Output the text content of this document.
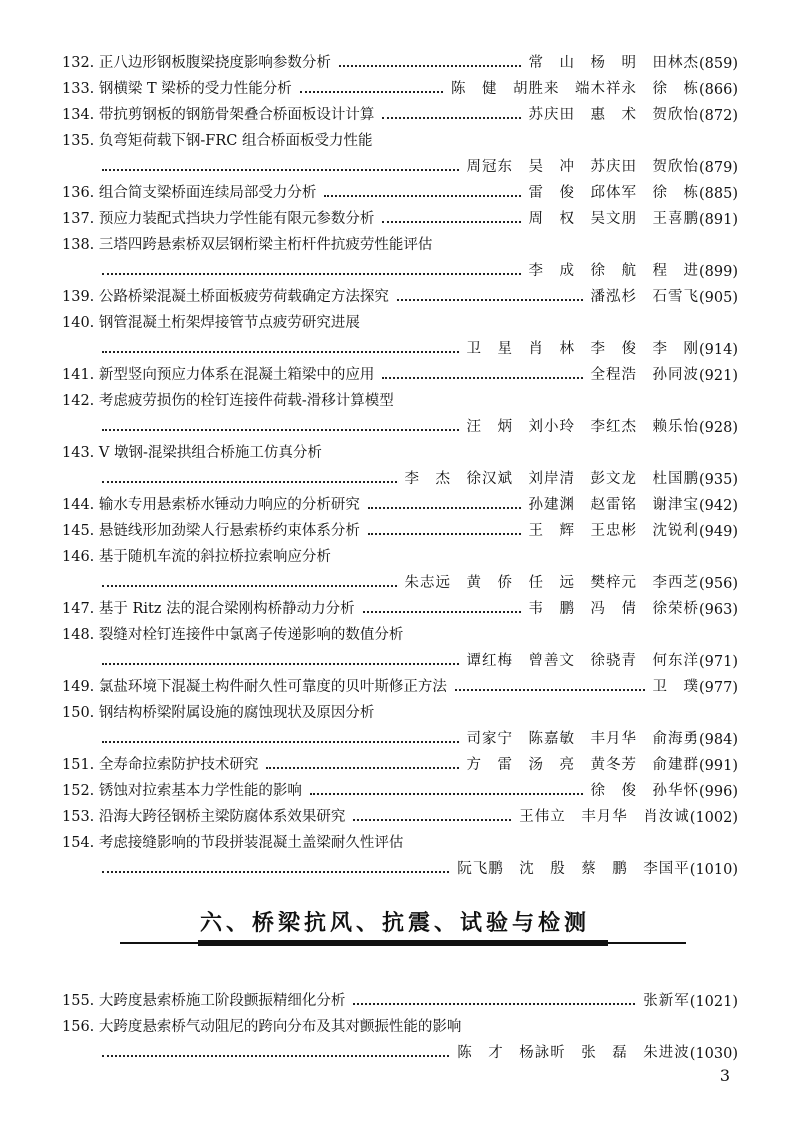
132. 正八边形钢板腹梁挠度影响参数分析	常　山　杨　明　田林杰 (859)
133. 钢横梁 T 梁桥的受力性能分析	陈　健　胡胜来　端木祥永　徐　栋 (866)
134. 带抗剪钢板的钢筋骨架叠合桥面板设计计算	苏庆田　惠　术　贺欣怡 (872)
135. 负弯矩荷载下钢-FRC 组合桥面板受力性能
周冠东　吴　冲　苏庆田　贺欣怡 (879)
136. 组合简支梁桥面连续局部受力分析	雷　俊　邱体军　徐　栋 (885)
137. 预应力装配式挡块力学性能有限元参数分析	周　权　吴文朋　王喜鹏 (891)
138. 三塔四跨悬索桥双层钢桁梁主桁杆件抗疲劳性能评估
李　成　徐　航　程　进 (899)
139. 公路桥梁混凝土桥面板疲劳荷载确定方法探究	潘泓杉　石雪飞 (905)
140. 钢管混凝土桁架焊接管节点疲劳研究进展
卫　星　肖　林　李　俊　李　刚 (914)
141. 新型竖向预应力体系在混凝土箱梁中的应用	全程浩　孙同波 (921)
142. 考虑疲劳损伤的栓钉连接件荷载-滑移计算模型
汪　炳　刘小玲　李红杰　赖乐怡 (928)
143. V 墩钢-混梁拱组合桥施工仿真分析
李　杰　徐汉斌　刘岸清　彭文龙　杜国鹏 (935)
144. 输水专用悬索桥水锤动力响应的分析研究	孙建渊　赵雷铭　谢津宝 (942)
145. 悬链线形加劲梁人行悬索桥约束体系分析	王　辉　王忠彬　沈锐利 (949)
146. 基于随机车流的斜拉桥拉索响应分析
朱志远　黄　侨　任　远　樊梓元　李西芝 (956)
147. 基于 Ritz 法的混合梁刚构桥静动力分析	韦　鹏　冯　倩　徐荣桥 (963)
148. 裂缝对栓钉连接件中氯离子传递影响的数值分析
谭红梅　曾善文　徐骁青　何东洋 (971)
149. 氯盐环境下混凝土构件耐久性可靠度的贝叶斯修正方法	卫　璞 (977)
150. 钢结构桥梁附属设施的腐蚀现状及原因分析
司家宁　陈嘉敏　丰月华　俞海勇 (984)
151. 全寿命拉索防护技术研究	方　雷　汤　亮　黄冬芳　俞建群 (991)
152. 锈蚀对拉索基本力学性能的影响	徐　俊　孙华怀 (996)
153. 沿海大跨径钢桥主梁防腐体系效果研究	王伟立　丰月华　肖汝诚 (1002)
154. 考虑接缝影响的节段拼装混凝土盖梁耐久性评估
阮飞鹏　沈　殷　蔡　鹏　李国平 (1010)
155. 大跨度悬索桥施工阶段颤振精细化分析	张新军 (1021)
156. 大跨度悬索桥气动阻尼的跨向分布及其对颤振性能的影响
陈　才　杨詠昕　张　磊　朱进波 (1030)
六、桥梁抗风、抗震、试验与检测
3
